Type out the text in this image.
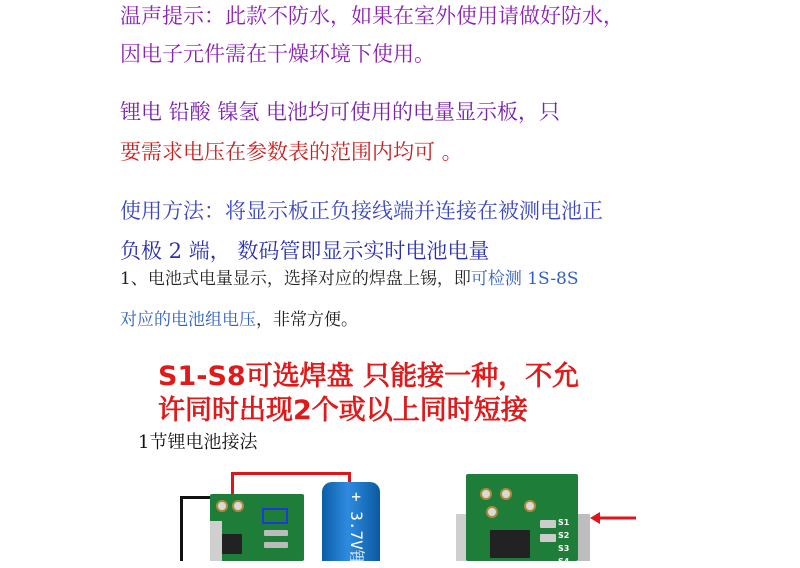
温声提示：此款不防水，如果在室外使用请做好防水，
因电子元件需在干燥环境下使用。
锂电 铅酸 镍氢 电池均可使用的电量显示板，只
要需求电压在参数表的范围内均可 。
使用方法：将显示板正负接线端并连接在被测电池正
负极 2 端， 数码管即显示实时电池电量
1、电池式电量显示，选择对应的焊盘上锡，即可检测 1S-8S
对应的电池组电压，非常方便。
S1-S8可选焊盘 只能接一种，不允
许同时出现2个或以上同时短接
1节锂电池接法
+ 3.7V锂	S1
S2
S3
S4
